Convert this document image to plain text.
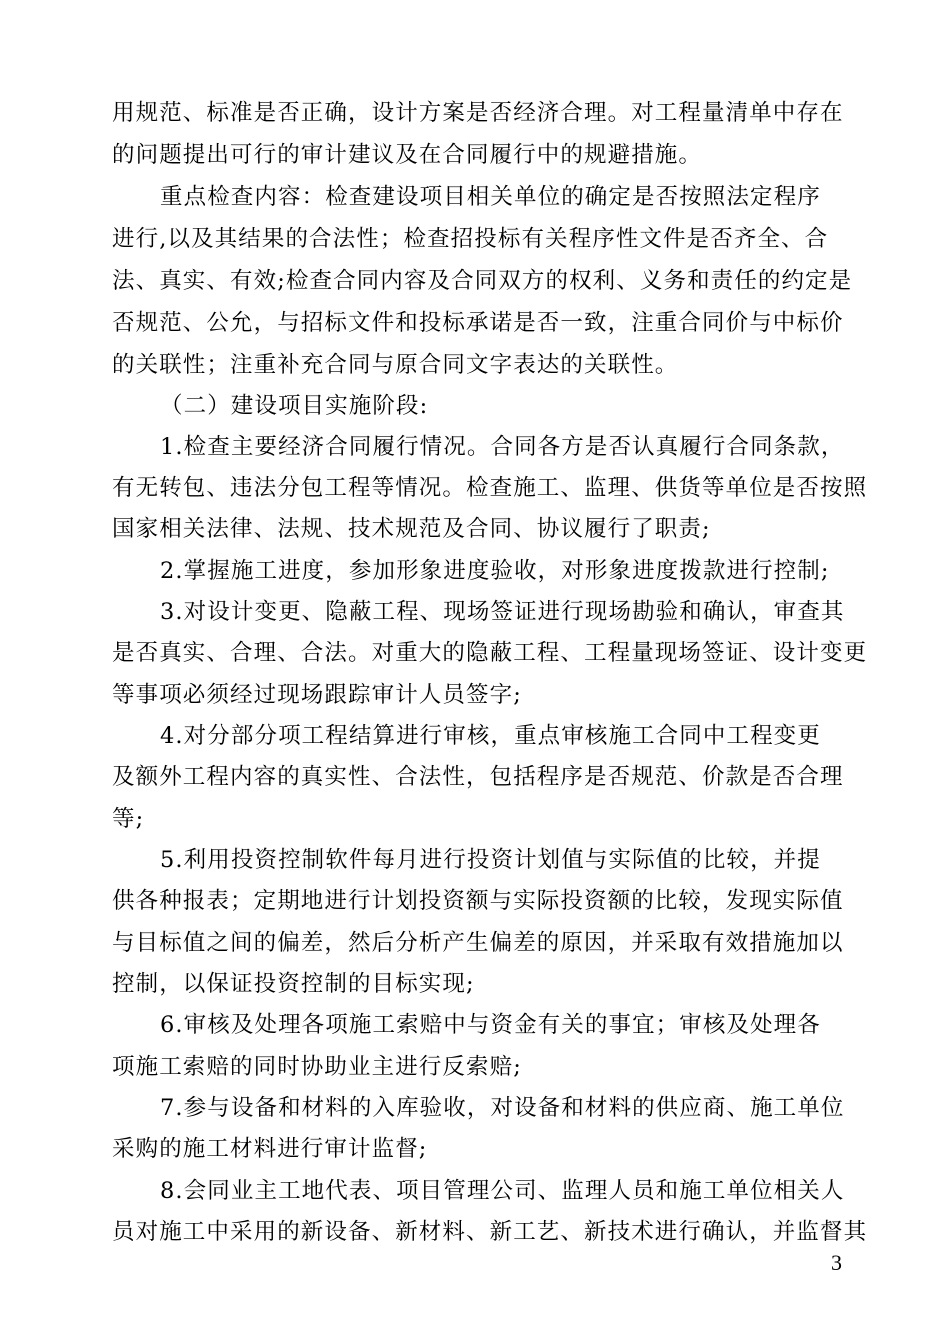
用规范、标准是否正确，设计方案是否经济合理。对工程量清单中存在
的问题提出可行的审计建议及在合同履行中的规避措施。
重点检查内容：检查建设项目相关单位的确定是否按照法定程序
进行,以及其结果的合法性；检查招投标有关程序性文件是否齐全、合
法、真实、有效;检查合同内容及合同双方的权利、义务和责任的约定是
否规范、公允，与招标文件和投标承诺是否一致，注重合同价与中标价
的关联性；注重补充合同与原合同文字表达的关联性。
（二）建设项目实施阶段:
1.检查主要经济合同履行情况。合同各方是否认真履行合同条款，
有无转包、违法分包工程等情况。检查施工、监理、供货等单位是否按照
国家相关法律、法规、技术规范及合同、协议履行了职责;
2.掌握施工进度，参加形象进度验收，对形象进度拨款进行控制;
3.对设计变更、隐蔽工程、现场签证进行现场勘验和确认，审查其
是否真实、合理、合法。对重大的隐蔽工程、工程量现场签证、设计变更
等事项必须经过现场跟踪审计人员签字;
4.对分部分项工程结算进行审核，重点审核施工合同中工程变更
及额外工程内容的真实性、合法性，包括程序是否规范、价款是否合理
等;
5.利用投资控制软件每月进行投资计划值与实际值的比较，并提
供各种报表；定期地进行计划投资额与实际投资额的比较，发现实际值
与目标值之间的偏差，然后分析产生偏差的原因，并采取有效措施加以
控制，以保证投资控制的目标实现;
6.审核及处理各项施工索赔中与资金有关的事宜；审核及处理各
项施工索赔的同时协助业主进行反索赔;
7.参与设备和材料的入库验收，对设备和材料的供应商、施工单位
采购的施工材料进行审计监督;
8.会同业主工地代表、项目管理公司、监理人员和施工单位相关人
员对施工中采用的新设备、新材料、新工艺、新技术进行确认，并监督其
3
